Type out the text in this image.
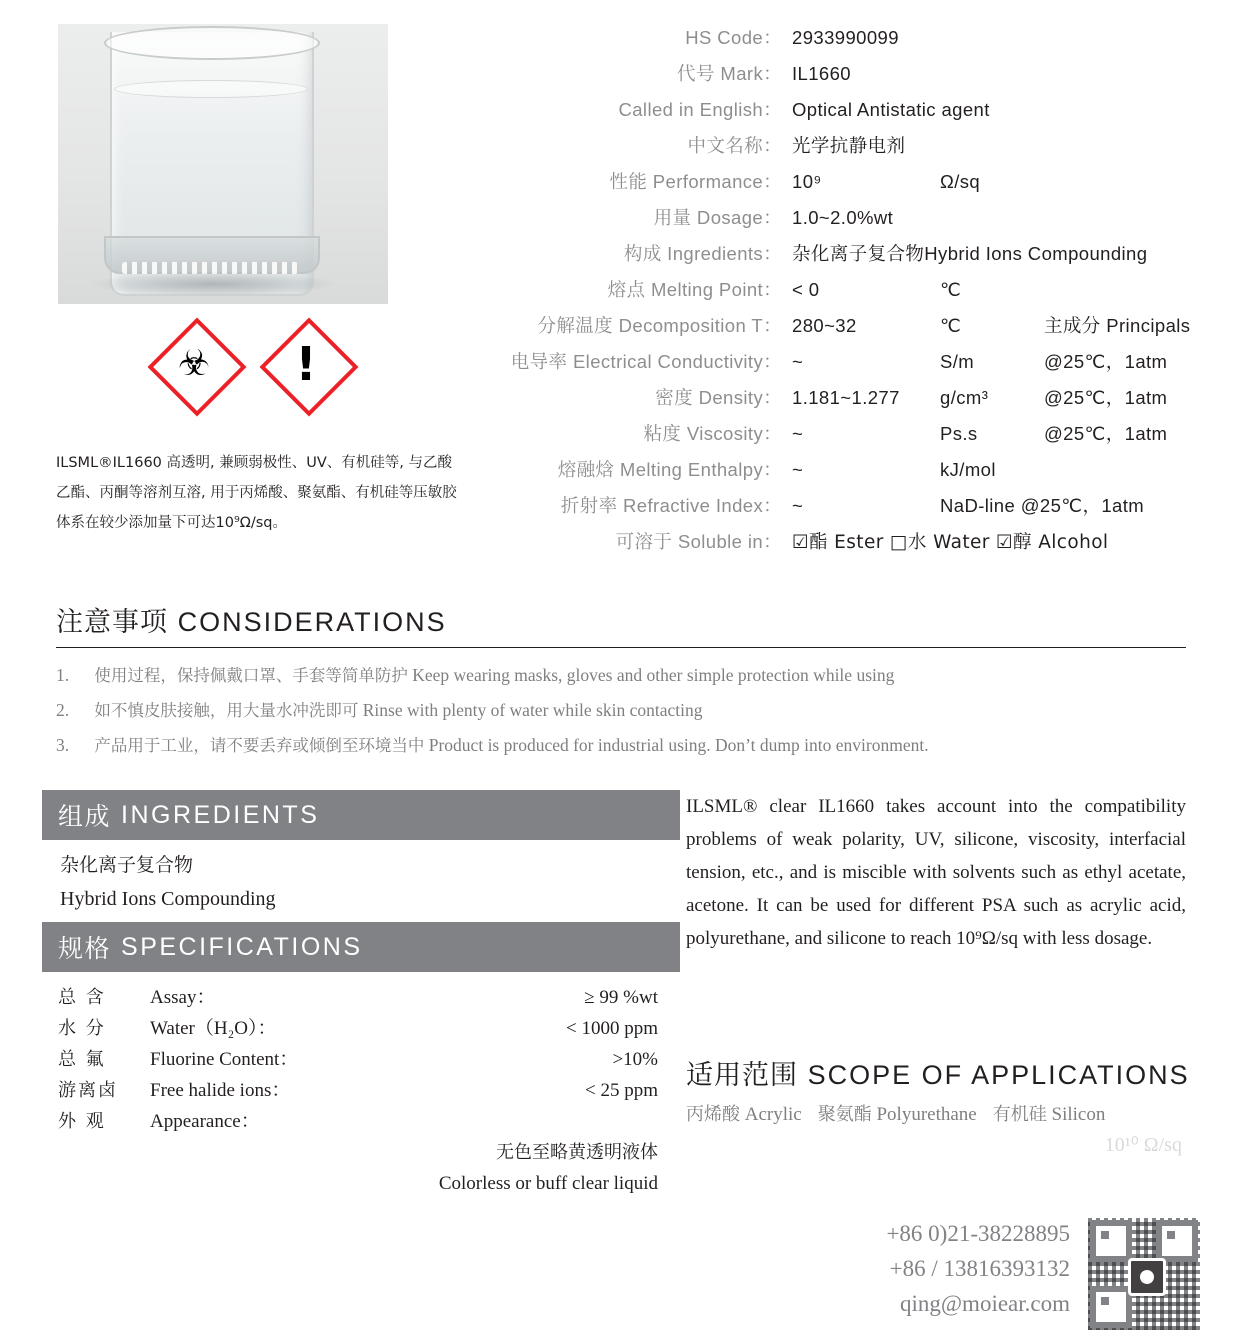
☣	!
ILSML®IL1660 高透明, 兼顾弱极性、UV、有机硅等, 与乙酸乙酯、丙酮等溶剂互溶, 用于丙烯酸、聚氨酯、有机硅等压敏胶体系在较少添加量下可达10⁹Ω/sq。
HS Code： 2933990099
代号 Mark： IL1660
Called in English： Optical Antistatic agent
中文名称： 光学抗静电剂
性能 Performance： 10⁹	Ω/sq
用量 Dosage： 1.0~2.0%wt
构成 Ingredients： 杂化离子复合物Hybrid Ions Compounding
熔点 Melting Point： < 0	℃
分解温度 Decomposition T： 280~32	℃	主成分 Principals
电导率 Electrical Conductivity： ~	S/m	@25℃，1atm
密度 Density： 1.181~1.277	g/cm³	@25℃，1atm
粘度 Viscosity： ~	Ps.s	@25℃，1atm
熔融焓 Melting Enthalpy： ~	kJ/mol
折射率 Refractive Index： ~	NaD-line @25℃，1atm
可溶于 Soluble in： ☑酯 Ester □水 Water ☑醇 Alcohol
注意事项 CONSIDERATIONS
1. 使用过程，保持佩戴口罩、手套等简单防护 Keep wearing masks, gloves and other simple protection while using
2. 如不慎皮肤接触，用大量水冲洗即可 Rinse with plenty of water while skin contacting
3. 产品用于工业，请不要丢弃或倾倒至环境当中 Product is produced for industrial using. Don’t dump into environment.
组成 INGREDIENTS
杂化离子复合物
Hybrid Ions Compounding
规格 SPECIFICATIONS
总 含	Assay：	≥ 99 %wt
水 分	Water（H₂O）：	< 1000 ppm
总 氟	Fluorine Content：	>10%
游离卤	Free halide ions：	< 25 ppm
外 观	Appearance：
无色至略黄透明液体
Colorless or buff clear liquid
ILSML® clear IL1660 takes account into the compatibility problems of weak polarity, UV, silicone, viscosity, interfacial tension, etc., and is miscible with solvents such as ethyl acetate, acetone. It can be used for different PSA such as acrylic acid, polyurethane, and silicone to reach 10⁹Ω/sq with less dosage.
适用范围 SCOPE OF APPLICATIONS
10¹⁰ Ω/sq
丙烯酸 Acrylic 聚氨酯 Polyurethane 有机硅 Silicon
+86 0)21-38228895
+86 / 13816393132
qing@moiear.com
